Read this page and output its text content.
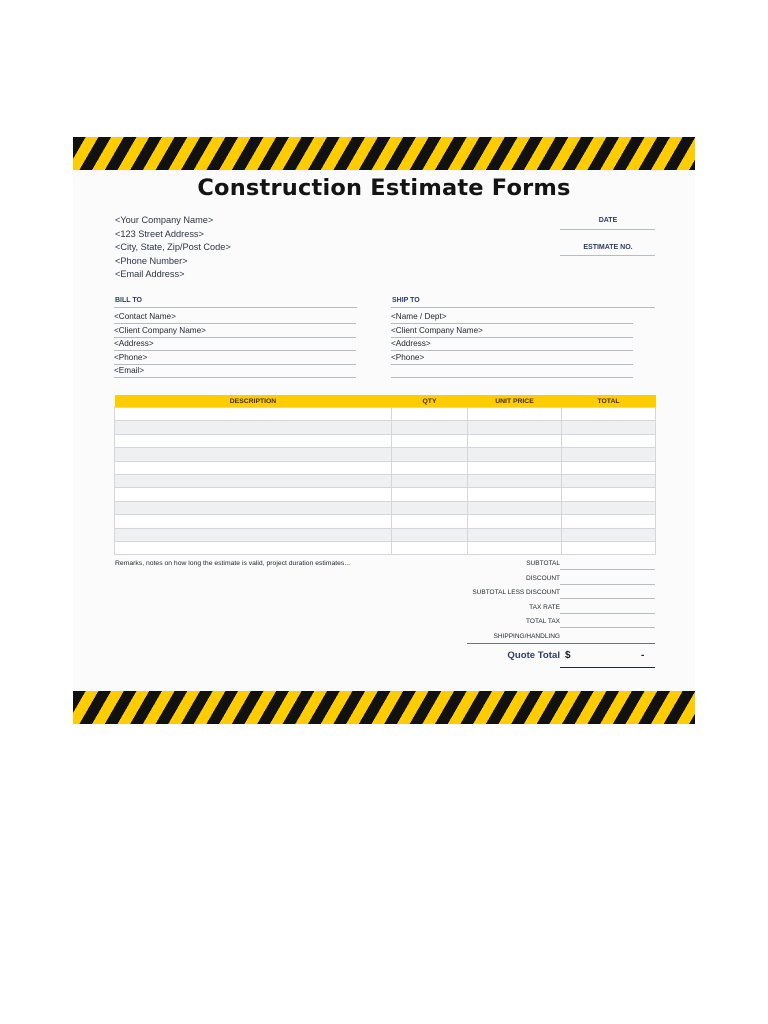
Construction Estimate Forms
<Your Company Name>
<123 Street Address>
<City, State, Zip/Post Code>
<Phone Number>
<Email Address>
DATE
ESTIMATE NO.
BILL TO
<Contact Name>
<Client Company Name>
<Address>
<Phone>
<Email>
SHIP TO
<Name / Dept>
<Client Company Name>
<Address>
<Phone>
DESCRIPTION	QTY	UNIT PRICE	TOTAL

Remarks, notes on how long the estimate is valid, project duration estimates...	SUBTOTAL
DISCOUNT
SUBTOTAL LESS DISCOUNT
TAX RATE
TOTAL TAX
SHIPPING/HANDLING
Quote Total $	-
